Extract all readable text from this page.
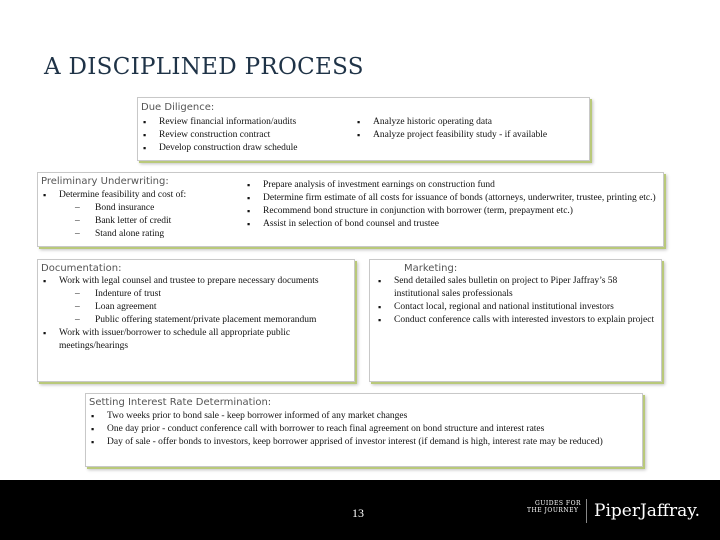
A DISCIPLINED PROCESS
Due Diligence:
▪ Review financial information/audits
▪ Review construction contract
▪ Develop construction draw schedule
▪ Analyze historic operating data
▪ Analyze project feasibility study - if available
Preliminary Underwriting:
▪ Determine feasibility and cost of:
– Bond insurance
– Bank letter of credit
– Stand alone rating
▪ Prepare analysis of investment earnings on construction fund
▪ Determine firm estimate of all costs for issuance of bonds (attorneys, underwriter, trustee, printing etc.)
▪ Recommend bond structure in conjunction with borrower (term, prepayment etc.)
▪ Assist in selection of bond counsel and trustee
Documentation:
▪ Work with legal counsel and trustee to prepare necessary documents
– Indenture of trust
– Loan agreement
– Public offering statement/private placement memorandum
▪ Work with issuer/borrower to schedule all appropriate public meetings/hearings
Marketing:
▪ Send detailed sales bulletin on project to Piper Jaffray’s 58 institutional sales professionals
▪ Contact local, regional and national institutional investors
▪ Conduct conference calls with interested investors to explain project
Setting Interest Rate Determination:
▪ Two weeks prior to bond sale - keep borrower informed of any market changes
▪ One day prior - conduct conference call with borrower to reach final agreement on bond structure and interest rates
▪ Day of sale - offer bonds to investors, keep borrower apprised of investor interest (if demand is high, interest rate may be reduced)
13
GUIDES FOR
THE JOURNEY PiperJaffray.
